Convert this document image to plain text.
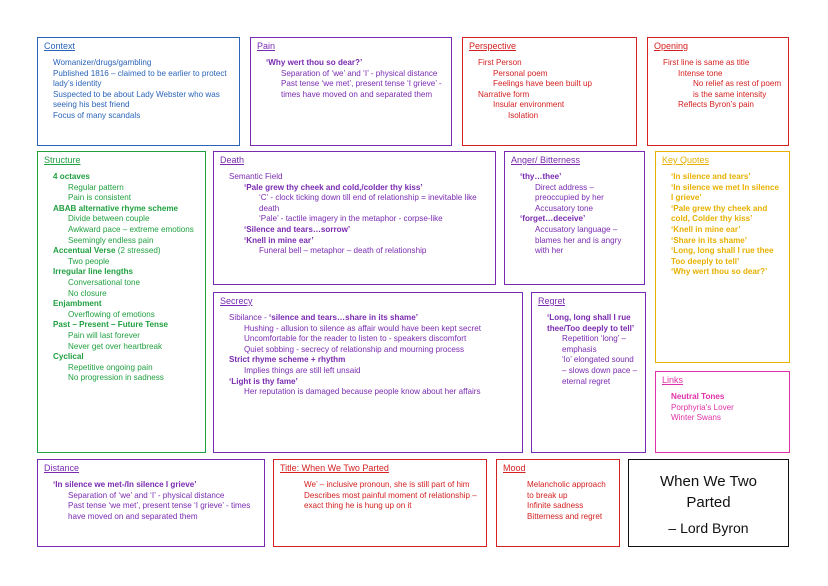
Context
- Womanizer/drugs/gambling
- Published 1816 – claimed to be earlier to protect lady’s identity
- Suspected to be about Lady Webster who was seeing his best friend
- Focus of many scandals
Pain
- ‘Why wert thou so dear?’
- Separation of ‘we’ and ‘I’ - physical distance
- Past tense ‘we met’, present tense ‘I grieve’ - times have moved on and separated them
Perspective
- First Person
- Personal poem
- Feelings have been built up
- Narrative form
- Insular environment
- Isolation
Opening
- First line is same as title
- Intense tone
- No relief as rest of poem is the same intensity
- Reflects Byron’s pain
Structure
- 4 octaves
- Regular pattern
- Pain is consistent
- ABAB alternative rhyme scheme
- Divide between couple
- Awkward pace – extreme emotions
- Seemingly endless pain
- Accentual Verse (2 stressed)
- Two people
- Irregular line lengths
- Conversational tone
- No closure
- Enjambment
- Overflowing of emotions
- Past – Present – Future Tense
- Pain will last forever
- Never get over heartbreak
- Cyclical
- Repetitive ongoing pain
- No progression in sadness
Death
- Semantic Field
- ‘Pale grew thy cheek and cold,/colder thy kiss’
- ‘C’ - clock ticking down till end of relationship = inevitable like death
- ‘Pale’ - tactile imagery in the metaphor - corpse-like
- ‘Silence and tears…sorrow’
- ‘Knell in mine ear’
- Funeral bell – metaphor – death of relationship
Anger/ Bitterness
- ‘thy…thee’
- Direct address – preoccupied by her
- Accusatory tone
- ‘forget…deceive’
- Accusatory language – blames her and is angry with her
Key Quotes
- ‘In silence and tears’
- ‘In silence we met In silence I grieve’
- ‘Pale grew thy cheek and cold, Colder thy kiss’
- ‘Knell in mine ear’
- ‘Share in its shame’
- ‘Long, long shall I rue thee Too deeply to tell’
- ‘Why wert thou so dear?’
Secrecy
- Sibilance - ‘silence and tears…share in its shame’
- Hushing - allusion to silence as affair would have been kept secret
- Uncomfortable for the reader to listen to - speakers discomfort
- Quiet sobbing - secrecy of relationship and mourning process
- Strict rhyme scheme + rhythm
- Implies things are still left unsaid
- ‘Light is thy fame’
- Her reputation is damaged because people know about her affairs
Regret
- ‘Long, long shall I rue thee/Too deeply to tell’
- Repetition ‘long’ – emphasis
- ‘lo’ elongated sound – slows down pace – eternal regret	Links
- Neutral Tones
- Porphyria’s Lover
- Winter Swans
Distance
- ‘In silence we met-/In silence I grieve’
- Separation of ‘we’ and ‘I’ - physical distance
- Past tense ‘we met’, present tense ‘I grieve’ - times have moved on and separated them
Title: When We Two Parted
- We’ – inclusive pronoun, she is still part of him
- Describes most painful moment of relationship – exact thing he is hung up on it
Mood
- Melancholic approach to break up
- Infinite sadness
- Bitterness and regret
When We Two
Parted
– Lord Byron
